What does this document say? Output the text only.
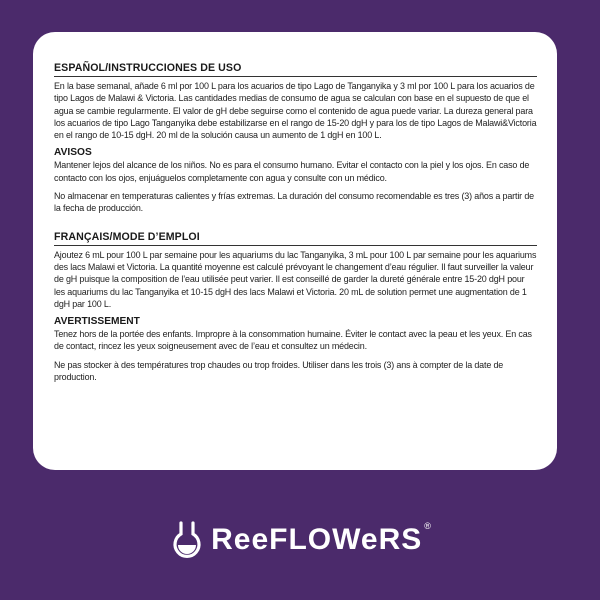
ESPAÑOL/INSTRUCCIONES DE USO

En la base semanal, añade 6 ml por 100 L para los acuarios de tipo Lago de Tanganyika y 3 ml por 100 L para los acuarios de tipo Lagos de Malawi & Victoria. Las cantidades medias de consumo de agua se calculan con base en el supuesto de que el agua se cambie regularmente. El valor de gH debe seguirse como el contenido de agua puede variar. La dureza general para los acuarios de tipo Lago Tanganyika debe estabilizarse en el rango de 15-20 dgH y para los de tipo Lagos de Malawi&Victoria en el rango de 10-15 dgH. 20 ml de la solución causa un aumento de 1 dgH en 100 L.

AVISOS

Mantener lejos del alcance de los niños. No es para el consumo humano. Evitar el contacto con la piel y los ojos. En caso de contacto con los ojos, enjuáguelos completamente con agua y consulte con un médico.

No almacenar en temperaturas calientes y frías extremas. La duración del consumo recomendable es tres (3) años a partir de la fecha de producción.

FRANÇAIS/MODE D’EMPLOI

Ajoutez 6 mL pour 100 L par semaine pour les aquariums du lac Tanganyika, 3 mL pour 100 L par semaine pour les aquariums des lacs Malawi et Victoria. La quantité moyenne est calculé prévoyant le changement d’eau régulier. Il faut surveiller la valeur de gH puisque la composition de l’eau utilisée peut varier. Il est conseillé de garder la dureté générale entre 15-20 dgH pour les aquariums du lac Tanganyika et 10-15 dgH des lacs Malawi et Victoria. 20 mL de solution permet une augmentation de 1 dgH par 100 L.

AVERTISSEMENT

Tenez hors de la portée des enfants. Impropre à la consommation humaine. Éviter le contact avec la peau et les yeux. En cas de contact, rincez les yeux soigneusement avec de l’eau et consultez un médecin.

Ne pas stocker à des températures trop chaudes ou trop froides. Utiliser dans les trois (3) ans à compter de la date de production.

ReeFLOWeRS ®
